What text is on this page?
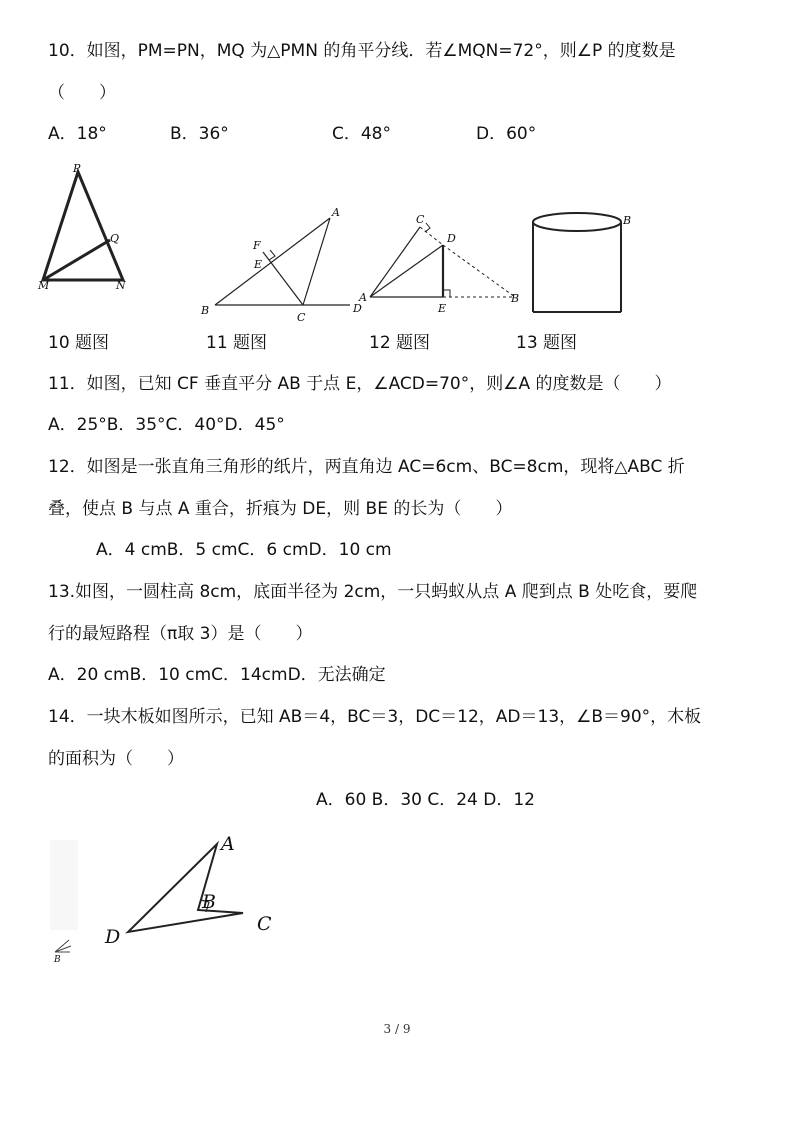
10．如图，PM=PN，MQ 为△PMN 的角平分线．若∠MQN=72°，则∠P 的度数是
（　　）
A．18°	B．36°	C．48°	D．60°
P
Q
M	N
A
F
E
B
C
D
C
D
A
E
B
B
10 题图	11 题图	12 题图	13 题图
11．如图，已知 CF 垂直平分 AB 于点 E，∠ACD=70°，则∠A 的度数是（　　）
A．25°B．35°C．40°D．45°
12．如图是一张直角三角形的纸片，两直角边 AC=6cm、BC=8cm，现将△ABC 折
叠，使点 B 与点 A 重合，折痕为 DE，则 BE 的长为（　　）
A．4 cmB．5 cmC．6 cmD．10 cm
13.如图，一圆柱高 8cm，底面半径为 2cm，一只蚂蚁从点 A 爬到点 B 处吃食，要爬
行的最短路程（π取 3）是（　　）
A．20 cmB．10 cmC．14cmD．无法确定
14．一块木板如图所示，已知 AB＝4，BC＝3，DC＝12，AD＝13，∠B＝90°，木板
的面积为（　　）
A．60 B．30 C．24 D．12
A
B
C
D
B
3 / 9
